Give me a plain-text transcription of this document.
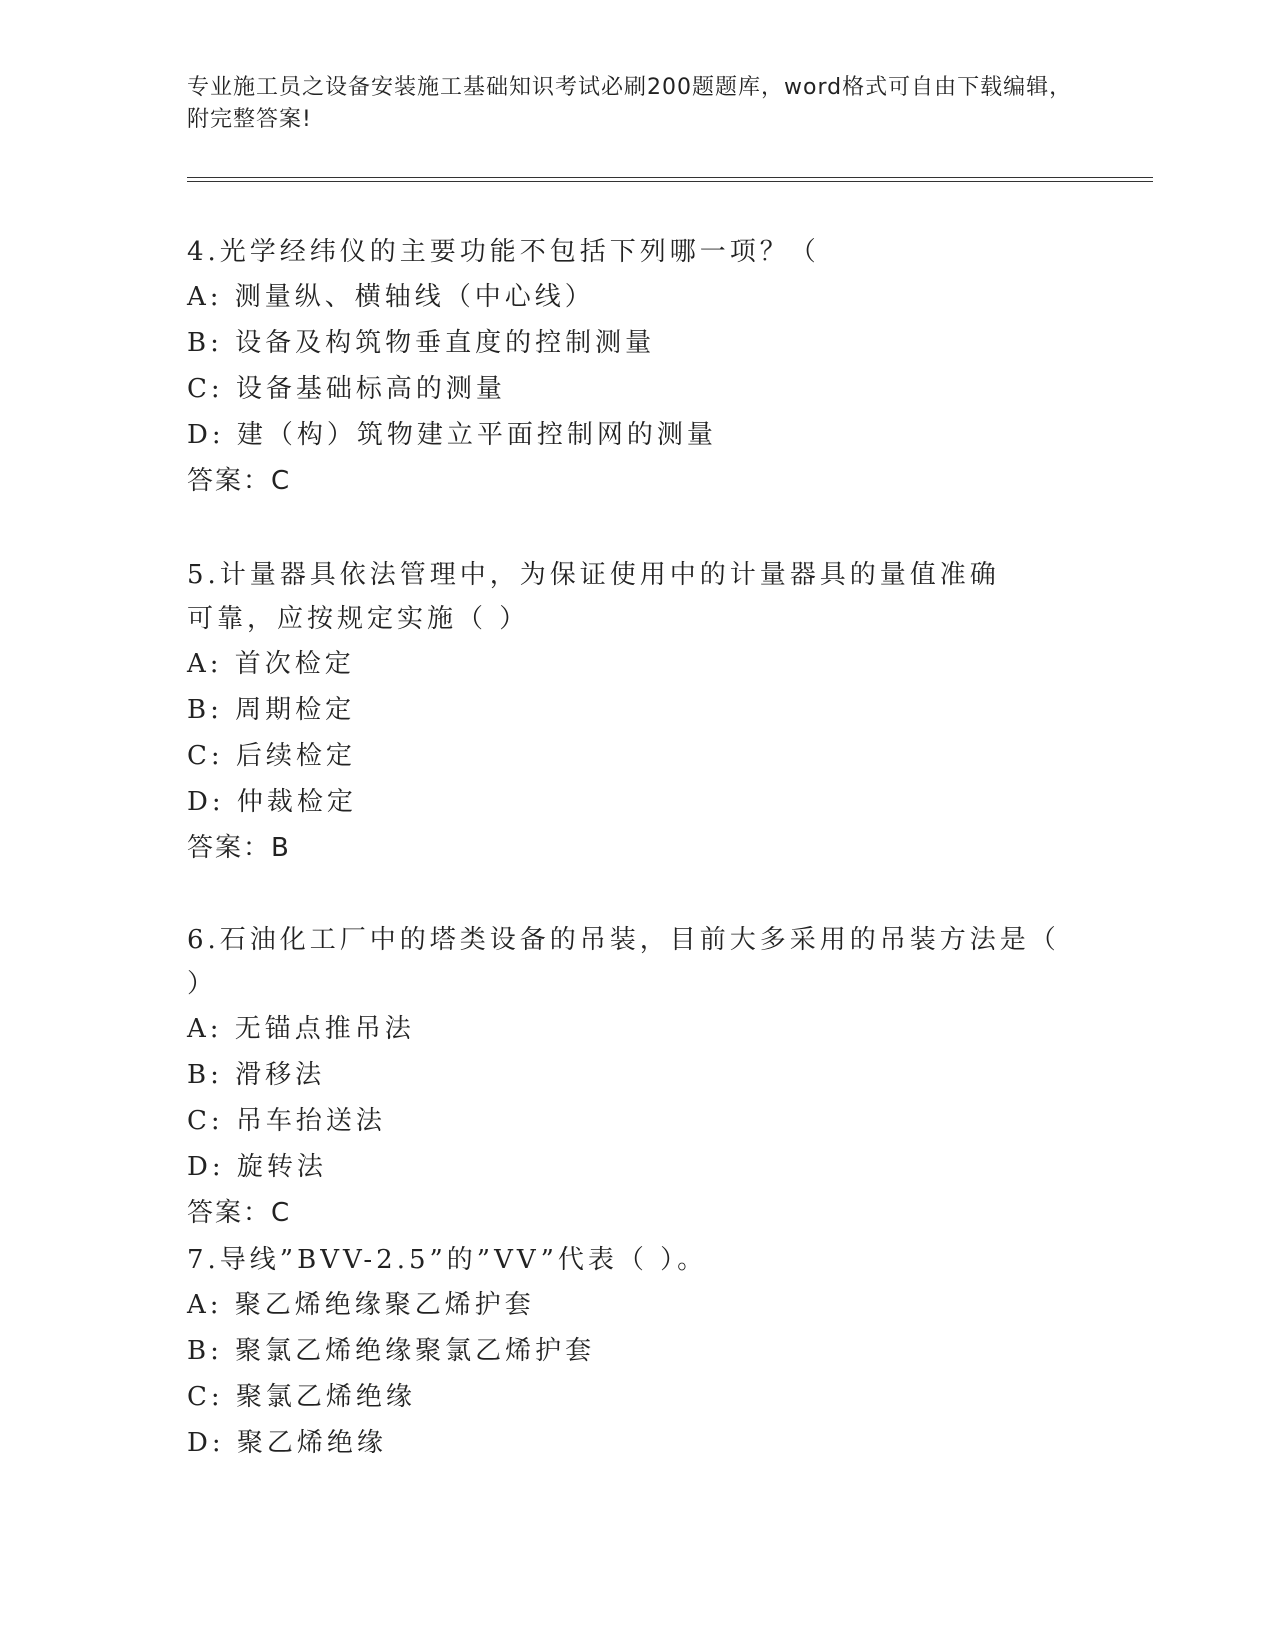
专业施工员之设备安装施工基础知识考试必刷200题题库，word格式可自由下载编辑，附完整答案!

4.光学经纬仪的主要功能不包括下列哪一项？（

A: 测量纵、横轴线（中心线）

B: 设备及构筑物垂直度的控制测量

C: 设备基础标高的测量

D: 建（构）筑物建立平面控制网的测量

答案：C

5.计量器具依法管理中，为保证使用中的计量器具的量值准确可靠，应按规定实施（ ）

A: 首次检定

B: 周期检定

C: 后续检定

D: 仲裁检定

答案：B

6.石油化工厂中的塔类设备的吊装，目前大多采用的吊装方法是（ ）

A: 无锚点推吊法

B: 滑移法

C: 吊车抬送法

D: 旋转法

答案：C

7.导线”BVV-2.5”的”VV”代表（ ）。

A: 聚乙烯绝缘聚乙烯护套

B: 聚氯乙烯绝缘聚氯乙烯护套

C: 聚氯乙烯绝缘

D: 聚乙烯绝缘
